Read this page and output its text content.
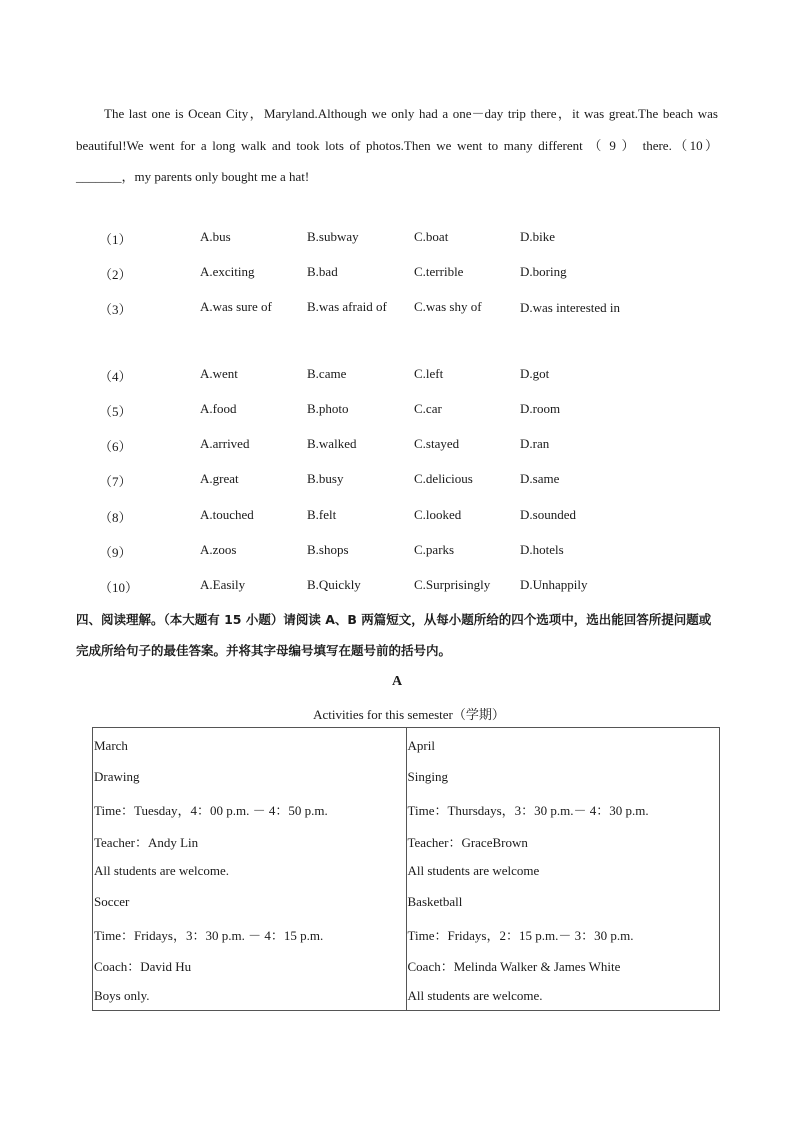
The last one is Ocean City，Maryland.Although we only had a one－day trip there，it was great.The beach was beautiful!We went for a long walk and took lots of photos.Then we went to many different （ 9 ） there.（10）_______，my parents only bought me a hat!

（1）	A.bus	B.subway	C.boat	D.bike
（2）	A.exciting	B.bad	C.terrible	D.boring
（3）	A.was sure of	B.was afraid of C.was shy of	D.was interested in
（4）	A.went	B.came	C.left	D.got
（5）	A.food	B.photo	C.car	D.room
（6）	A.arrived	B.walked	C.stayed	D.ran
（7）	A.great	B.busy	C.delicious	D.same
（8）	A.touched	B.felt	C.looked	D.sounded
（9）	A.zoos	B.shops	C.parks	D.hotels
（10）	A.Easily	B.Quickly	C.Surprisingly D.Unhappily
四、阅读理解。（本大题有 15 小题）请阅读 A、B 两篇短文，从每小题所给的四个选项中，选出能回答所提问题或完成所给句子的最佳答案。并将其字母编号填写在题号前的括号内。
A
Activities for this semester（学期）
March
Drawing
Time：Tuesday，4：00 p.m. － 4：50 p.m.
Teacher：Andy Lin
All students are welcome.
Soccer
Time：Fridays，3：30 p.m. － 4：15 p.m.
Coach：David Hu
Boys only.
April
Singing
Time：Thursdays，3：30 p.m.－ 4：30 p.m.
Teacher：GraceBrown
All students are welcome
Basketball
Time：Fridays，2：15 p.m.－ 3：30 p.m.
Coach：Melinda Walker & James White
All students are welcome.
